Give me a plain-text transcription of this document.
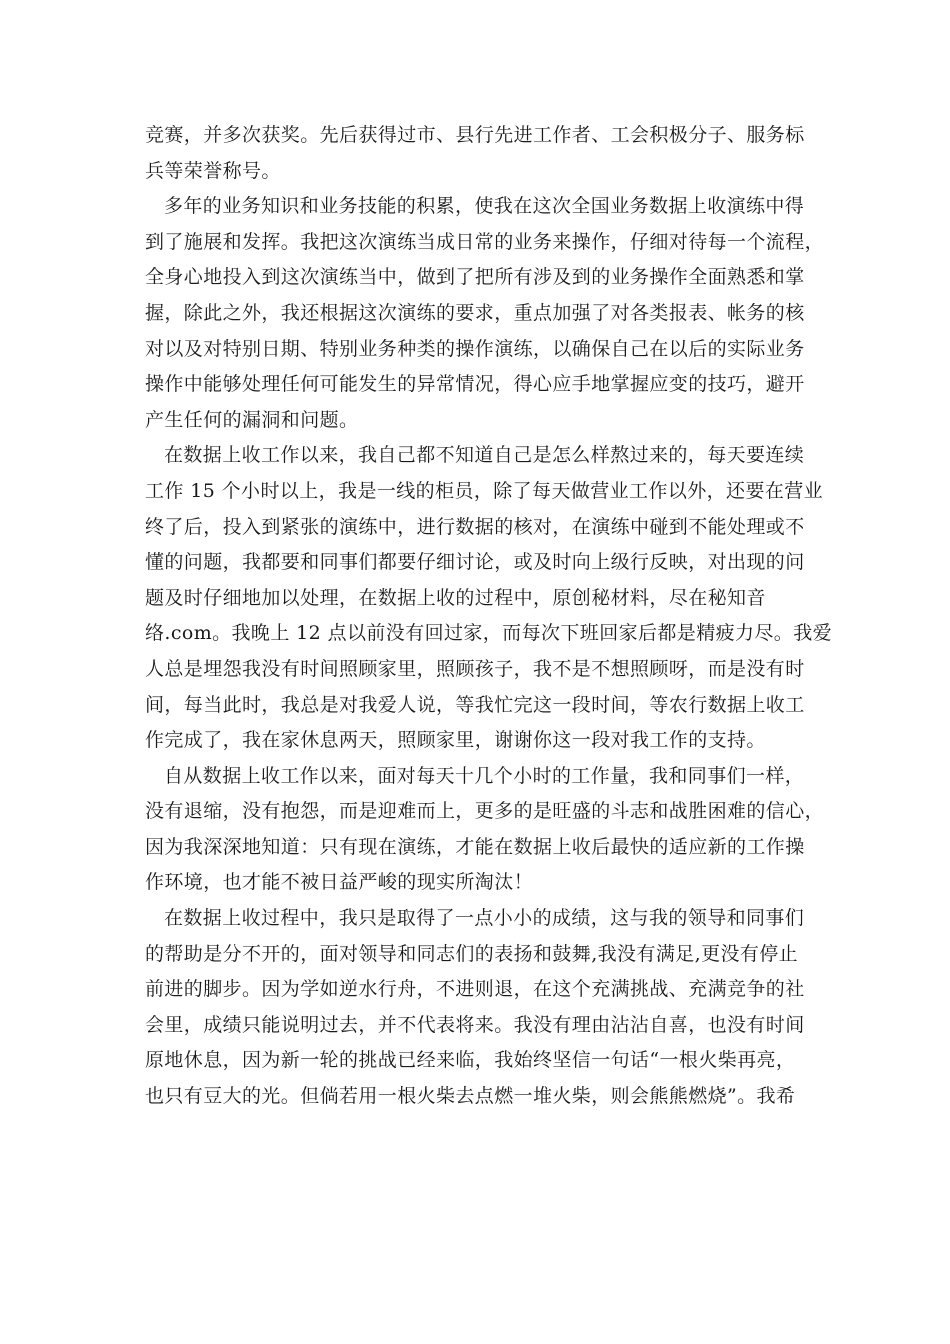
竞赛，并多次获奖。先后获得过市、县行先进工作者、工会积极分子、服务标
兵等荣誉称号。
多年的业务知识和业务技能的积累，使我在这次全国业务数据上收演练中得
到了施展和发挥。我把这次演练当成日常的业务来操作，仔细对待每一个流程，
全身心地投入到这次演练当中，做到了把所有涉及到的业务操作全面熟悉和掌
握，除此之外，我还根据这次演练的要求，重点加强了对各类报表、帐务的核
对以及对特别日期、特别业务种类的操作演练，以确保自己在以后的实际业务
操作中能够处理任何可能发生的异常情况，得心应手地掌握应变的技巧，避开
产生任何的漏洞和问题。
在数据上收工作以来，我自己都不知道自己是怎么样熬过来的，每天要连续
工作 15 个小时以上，我是一线的柜员，除了每天做营业工作以外，还要在营业
终了后，投入到紧张的演练中，进行数据的核对，在演练中碰到不能处理或不
懂的问题，我都要和同事们都要仔细讨论，或及时向上级行反映，对出现的问
题及时仔细地加以处理，在数据上收的过程中，原创秘材料，尽在秘知音
络.com。我晚上 12 点以前没有回过家，而每次下班回家后都是精疲力尽。我爱
人总是埋怨我没有时间照顾家里，照顾孩子，我不是不想照顾呀，而是没有时
间，每当此时，我总是对我爱人说，等我忙完这一段时间，等农行数据上收工
作完成了，我在家休息两天，照顾家里，谢谢你这一段对我工作的支持。
自从数据上收工作以来，面对每天十几个小时的工作量，我和同事们一样，
没有退缩，没有抱怨，而是迎难而上，更多的是旺盛的斗志和战胜困难的信心，
因为我深深地知道：只有现在演练，才能在数据上收后最快的适应新的工作操
作环境，也才能不被日益严峻的现实所淘汰！
在数据上收过程中，我只是取得了一点小小的成绩，这与我的领导和同事们
的帮助是分不开的，面对领导和同志们的表扬和鼓舞,我没有满足,更没有停止
前进的脚步。因为学如逆水行舟，不进则退，在这个充满挑战、充满竞争的社
会里，成绩只能说明过去，并不代表将来。我没有理由沾沾自喜，也没有时间
原地休息，因为新一轮的挑战已经来临，我始终坚信一句话“一根火柴再亮，
也只有豆大的光。但倘若用一根火柴去点燃一堆火柴，则会熊熊燃烧”。我希
